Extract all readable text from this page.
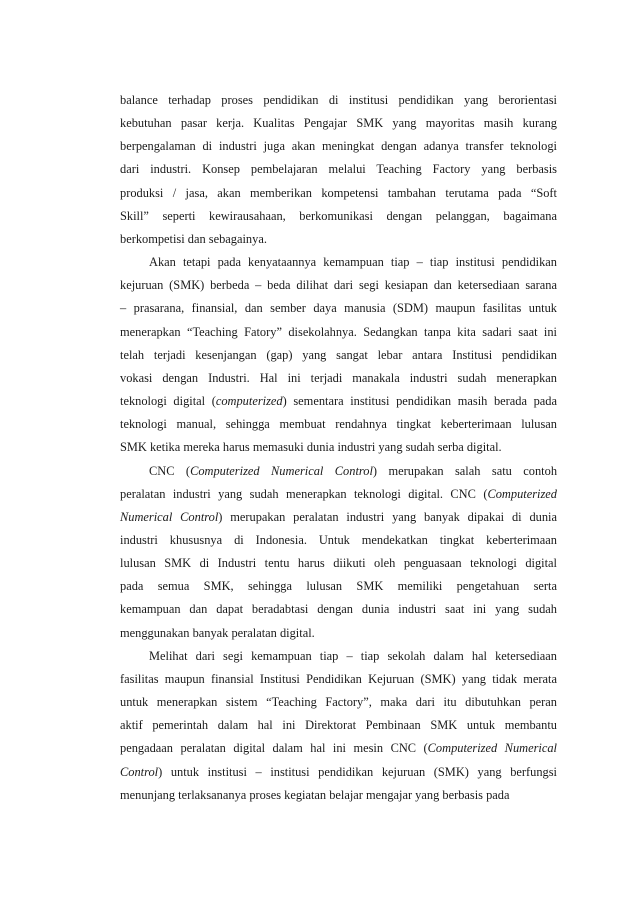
balance terhadap proses pendidikan di institusi pendidikan yang berorientasi
kebutuhan pasar kerja. Kualitas Pengajar SMK yang mayoritas masih kurang
berpengalaman di industri juga akan meningkat dengan adanya transfer teknologi
dari industri. Konsep pembelajaran melalui Teaching Factory yang berbasis
produksi / jasa, akan memberikan kompetensi tambahan terutama pada “Soft
Skill” seperti kewirausahaan, berkomunikasi dengan pelanggan, bagaimana
berkompetisi dan sebagainya.

Akan tetapi pada kenyataannya kemampuan tiap – tiap institusi pendidikan
kejuruan (SMK) berbeda – beda dilihat dari segi kesiapan dan ketersediaan sarana
– prasarana, finansial, dan sember daya manusia (SDM) maupun fasilitas untuk
menerapkan “Teaching Fatory” disekolahnya. Sedangkan tanpa kita sadari saat ini
telah terjadi kesenjangan (gap) yang sangat lebar antara Institusi pendidikan
vokasi dengan Industri. Hal ini terjadi manakala industri sudah menerapkan
teknologi digital (computerized) sementara institusi pendidikan masih berada pada
teknologi manual, sehingga membuat rendahnya tingkat keberterimaan lulusan
SMK ketika mereka harus memasuki dunia industri yang sudah serba digital.

CNC (Computerized Numerical Control) merupakan salah satu contoh
peralatan industri yang sudah menerapkan teknologi digital. CNC (Computerized
Numerical Control) merupakan peralatan industri yang banyak dipakai di dunia
industri khususnya di Indonesia. Untuk mendekatkan tingkat keberterimaan
lulusan SMK di Industri tentu harus diikuti oleh penguasaan teknologi digital
pada semua SMK, sehingga lulusan SMK memiliki pengetahuan serta
kemampuan dan dapat beradabtasi dengan dunia industri saat ini yang sudah
menggunakan banyak peralatan digital.

Melihat dari segi kemampuan tiap – tiap sekolah dalam hal ketersediaan
fasilitas maupun finansial Institusi Pendidikan Kejuruan (SMK) yang tidak merata
untuk menerapkan sistem “Teaching Factory”, maka dari itu dibutuhkan peran
aktif pemerintah dalam hal ini Direktorat Pembinaan SMK untuk membantu
pengadaan peralatan digital dalam hal ini mesin CNC (Computerized Numerical
Control) untuk institusi – institusi pendidikan kejuruan (SMK) yang berfungsi
menunjang terlaksananya proses kegiatan belajar mengajar yang berbasis pada
